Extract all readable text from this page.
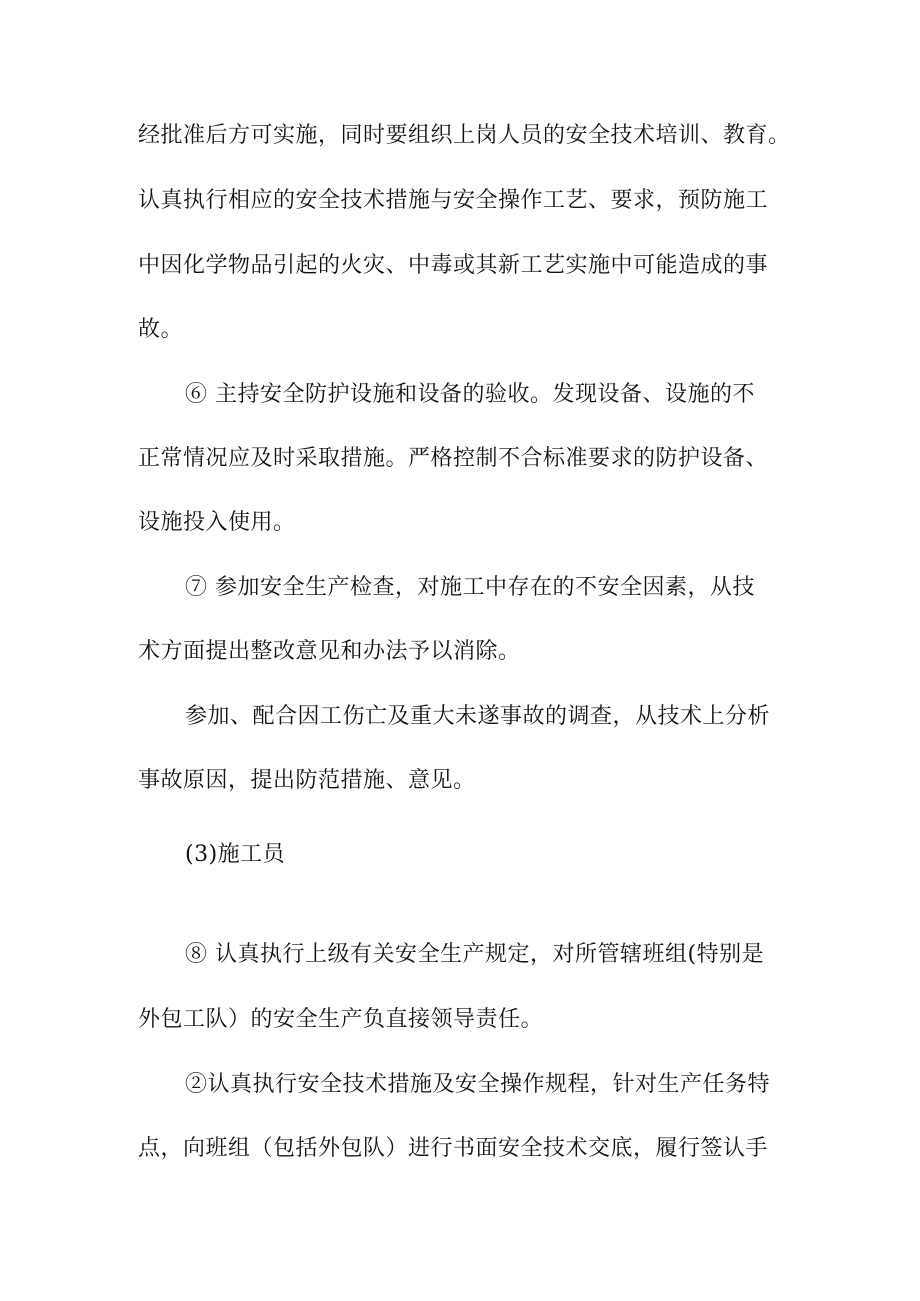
经批准后方可实施，同时要组织上岗人员的安全技术培训、教育。
认真执行相应的安全技术措施与安全操作工艺、要求，预防施工
中因化学物品引起的火灾、中毒或其新工艺实施中可能造成的事
故。
⑥ 主持安全防护设施和设备的验收。发现设备、设施的不
正常情况应及时采取措施。严格控制不合标准要求的防护设备、
设施投入使用。
⑦ 参加安全生产检查，对施工中存在的不安全因素，从技
术方面提出整改意见和办法予以消除。
参加、配合因工伤亡及重大未遂事故的调查，从技术上分析
事故原因，提出防范措施、意见。
(3)施工员
⑧ 认真执行上级有关安全生产规定，对所管辖班组(特别是
外包工队）的安全生产负直接领导责任。
②认真执行安全技术措施及安全操作规程，针对生产任务特
点，向班组（包括外包队）进行书面安全技术交底，履行签认手
